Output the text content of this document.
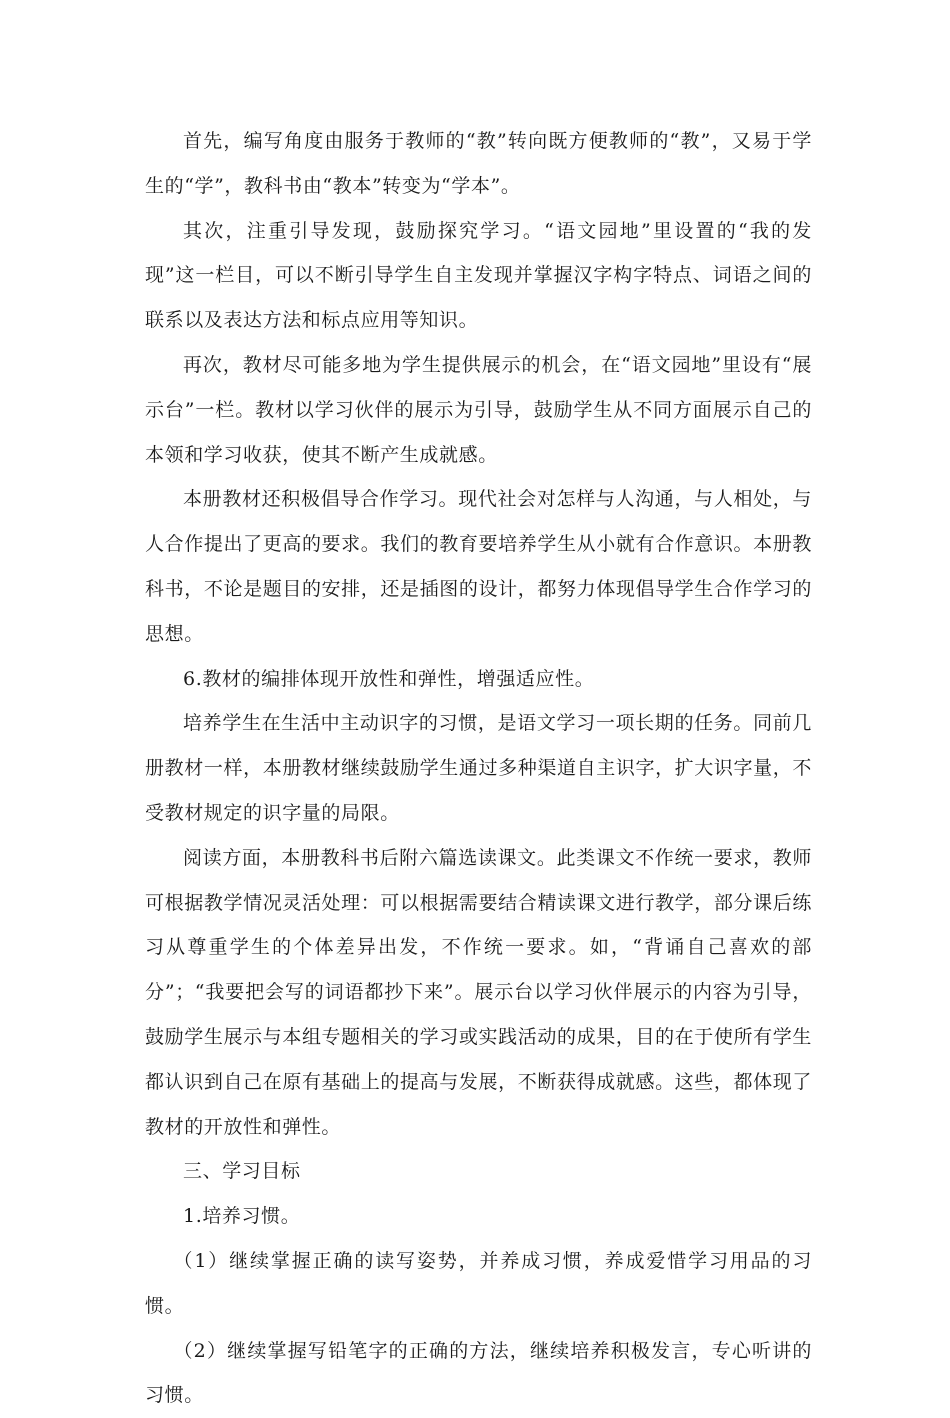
首先，编写角度由服务于教师的“教”转向既方便教师的“教”，又易于学生的“学”，教科书由“教本”转变为“学本”。

其次，注重引导发现，鼓励探究学习。“语文园地”里设置的“我的发现”这一栏目，可以不断引导学生自主发现并掌握汉字构字特点、词语之间的联系以及表达方法和标点应用等知识。

再次，教材尽可能多地为学生提供展示的机会，在“语文园地”里设有“展示台”一栏。教材以学习伙伴的展示为引导，鼓励学生从不同方面展示自己的本领和学习收获，使其不断产生成就感。

本册教材还积极倡导合作学习。现代社会对怎样与人沟通，与人相处，与人合作提出了更高的要求。我们的教育要培养学生从小就有合作意识。本册教科书，不论是题目的安排，还是插图的设计，都努力体现倡导学生合作学习的思想。

6.教材的编排体现开放性和弹性，增强适应性。

培养学生在生活中主动识字的习惯，是语文学习一项长期的任务。同前几册教材一样，本册教材继续鼓励学生通过多种渠道自主识字，扩大识字量，不受教材规定的识字量的局限。

阅读方面，本册教科书后附六篇选读课文。此类课文不作统一要求，教师可根据教学情况灵活处理：可以根据需要结合精读课文进行教学，部分课后练习从尊重学生的个体差异出发，不作统一要求。如，“背诵自己喜欢的部分”；“我要把会写的词语都抄下来”。展示台以学习伙伴展示的内容为引导，鼓励学生展示与本组专题相关的学习或实践活动的成果，目的在于使所有学生都认识到自己在原有基础上的提高与发展，不断获得成就感。这些，都体现了教材的开放性和弹性。

三、学习目标

1.培养习惯。

（1）继续掌握正确的读写姿势，并养成习惯，养成爱惜学习用品的习惯。

（2）继续掌握写铅笔字的正确的方法，继续培养积极发言，专心听讲的习惯。
